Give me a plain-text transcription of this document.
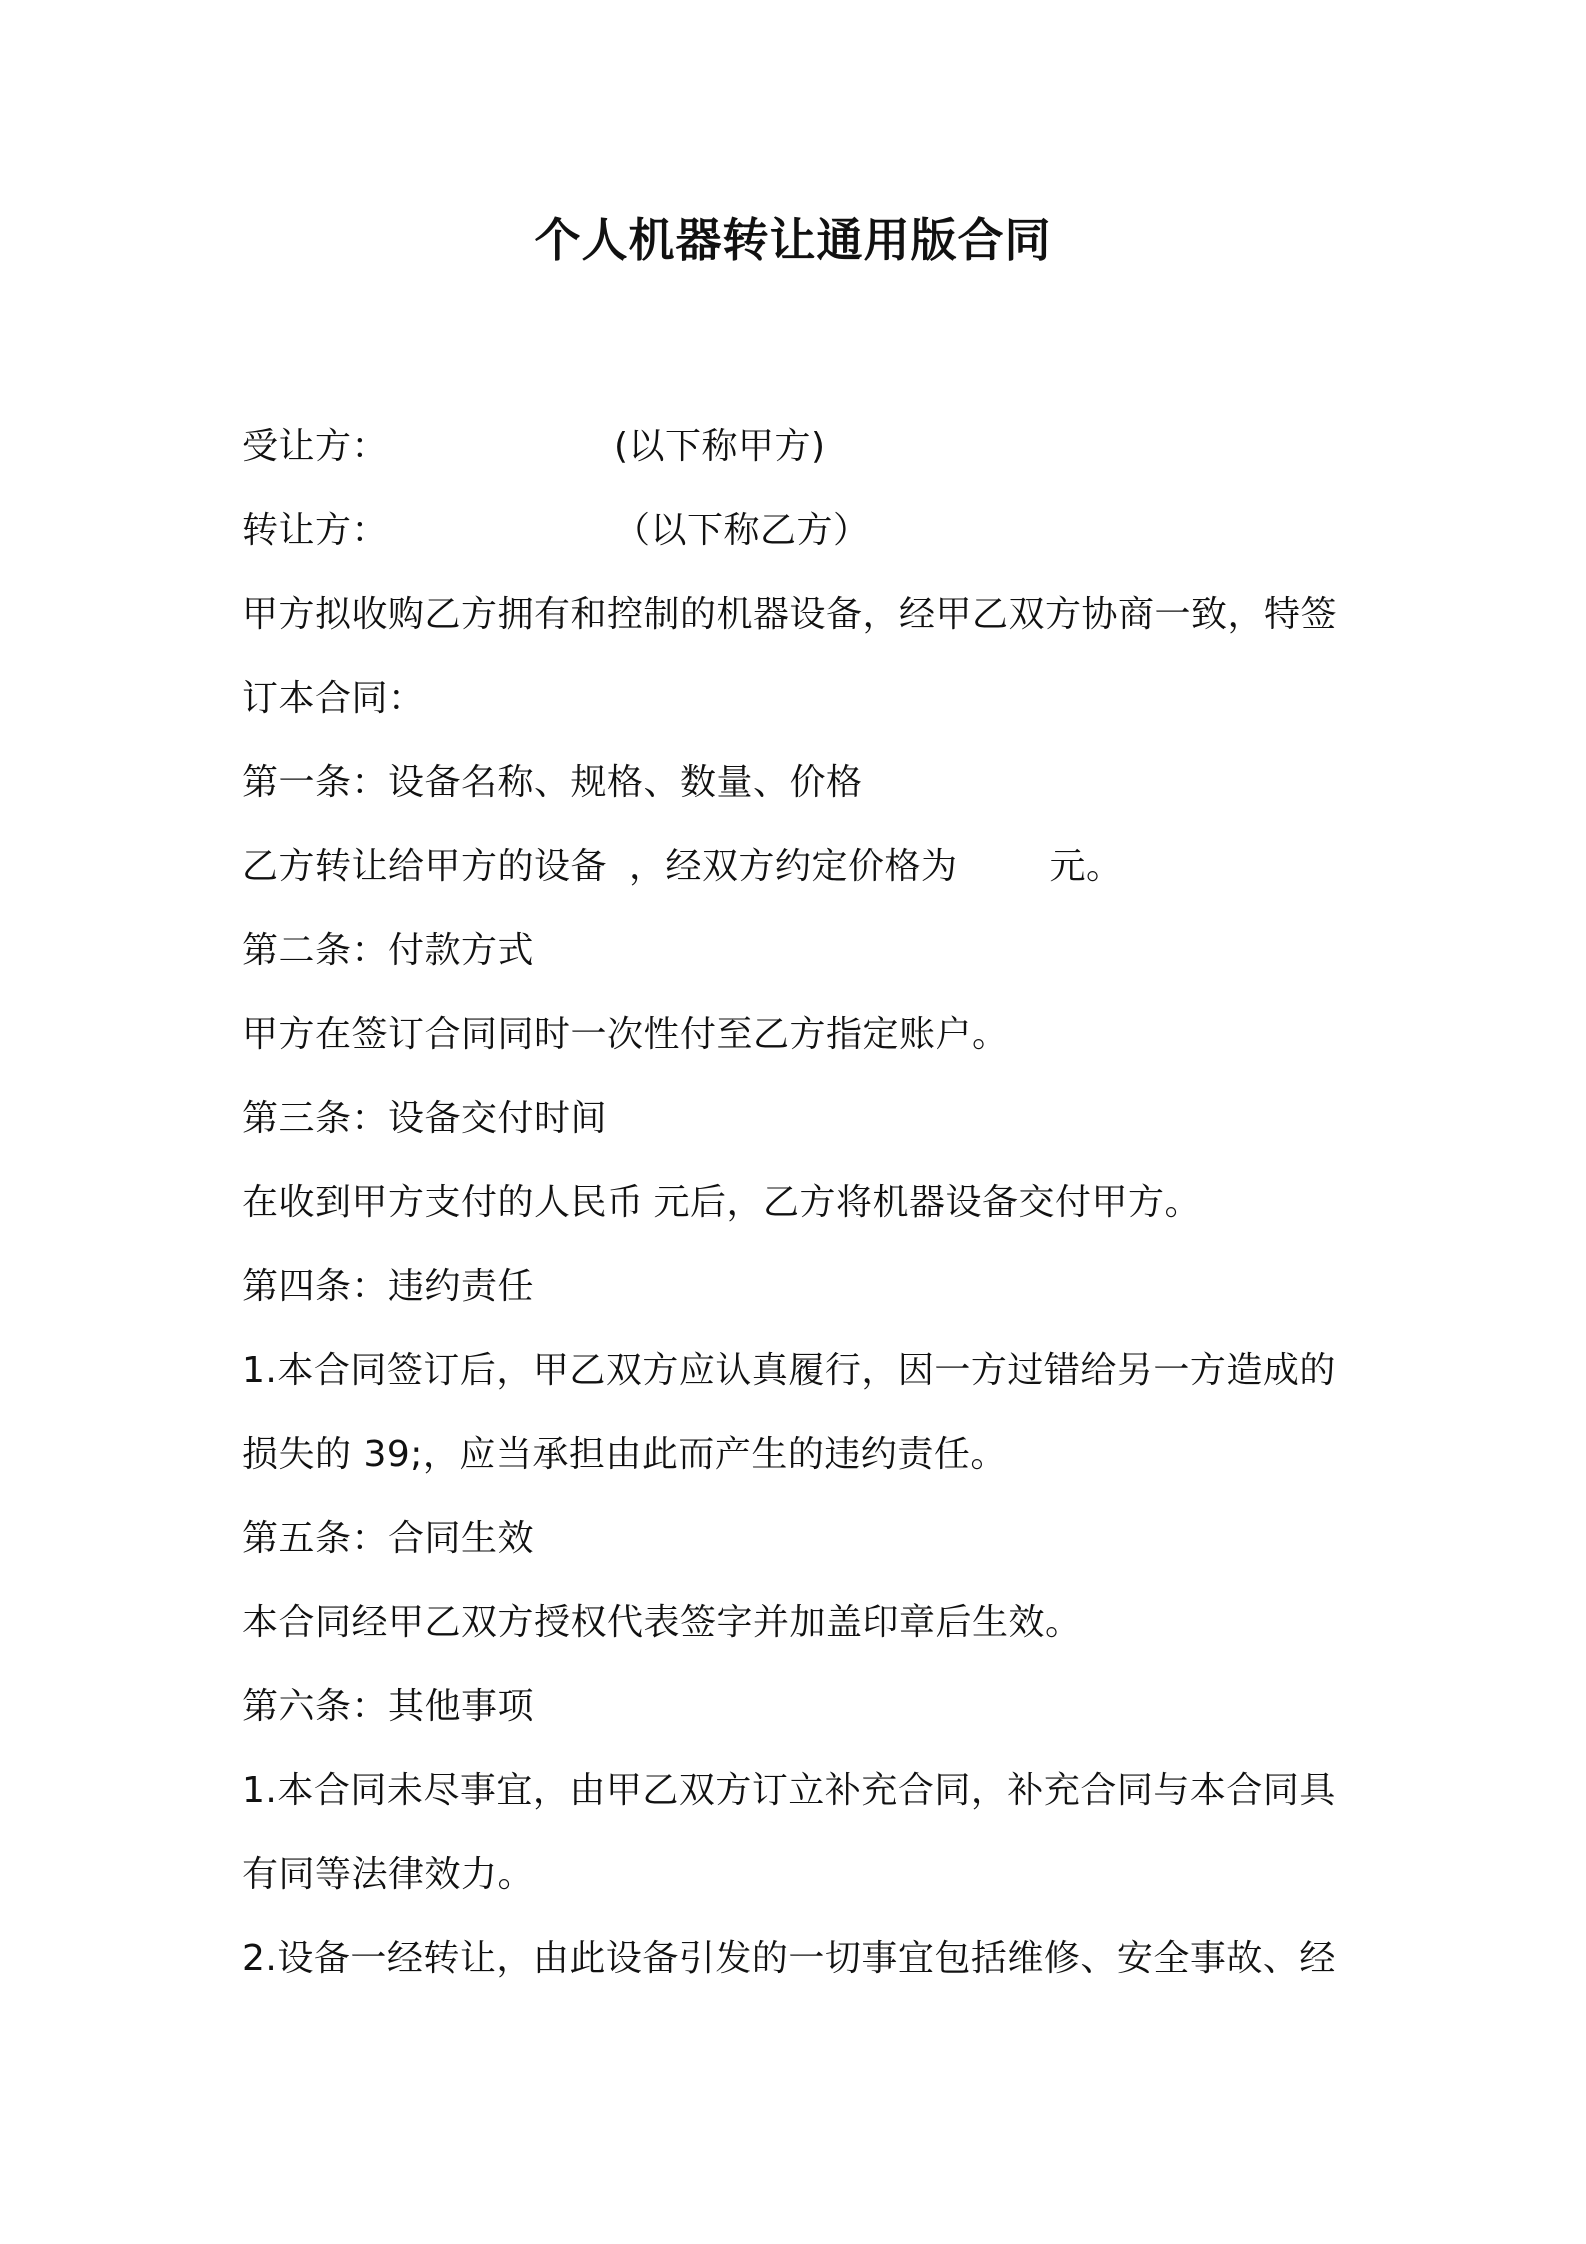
个人机器转让通用版合同
受让方：	(以下称甲方)
转让方：	（以下称乙方）
甲方拟收购乙方拥有和控制的机器设备，经甲乙双方协商一致，特签
订本合同：
第一条：设备名称、规格、数量、价格
乙方转让给甲方的设备 ，经双方约定价格为	元。
第二条：付款方式
甲方在签订合同同时一次性付至乙方指定账户。
第三条：设备交付时间
在收到甲方支付的人民币 元后，乙方将机器设备交付甲方。
第四条：违约责任
1.本合同签订后，甲乙双方应认真履行，因一方过错给另一方造成的
损失的 39;，应当承担由此而产生的违约责任。
第五条：合同生效
本合同经甲乙双方授权代表签字并加盖印章后生效。
第六条：其他事项
1.本合同未尽事宜，由甲乙双方订立补充合同，补充合同与本合同具
有同等法律效力。
2.设备一经转让，由此设备引发的一切事宜包括维修、安全事故、经
